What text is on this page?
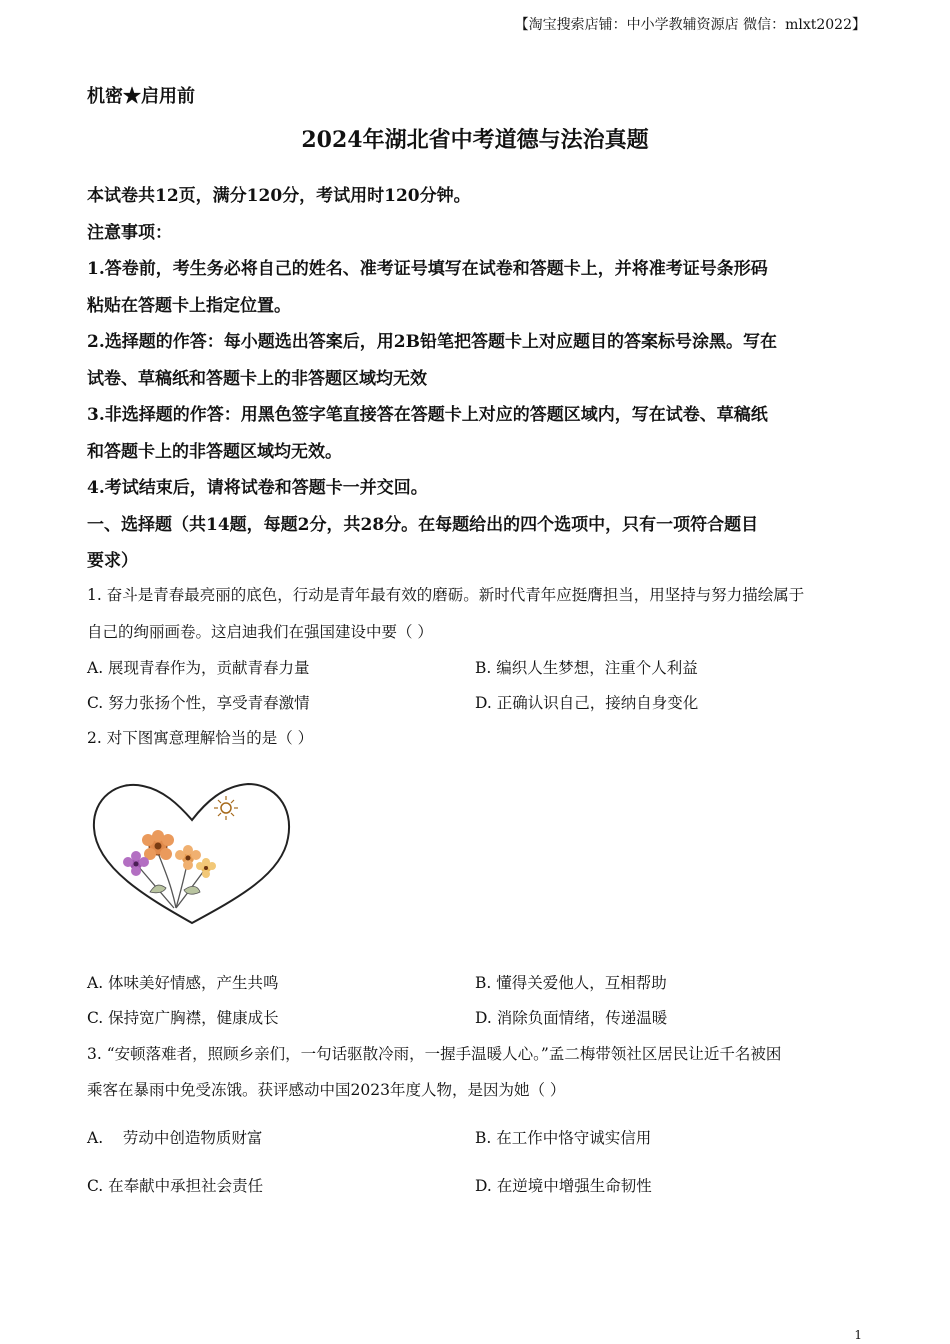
【淘宝搜索店铺：中小学教辅资源店 微信：mlxt2022】
机密★启用前
2024年湖北省中考道德与法治真题
本试卷共12页，满分120分，考试用时120分钟。
注意事项：
1.答卷前，考生务必将自己的姓名、准考证号填写在试卷和答题卡上，并将准考证号条形码
粘贴在答题卡上指定位置。
2.选择题的作答：每小题选出答案后，用2B铅笔把答题卡上对应题目的答案标号涂黑。写在
试卷、草稿纸和答题卡上的非答题区域均无效
3.非选择题的作答：用黑色签字笔直接答在答题卡上对应的答题区域内，写在试卷、草稿纸
和答题卡上的非答题区域均无效。
4.考试结束后，请将试卷和答题卡一并交回。
一、选择题（共14题，每题2分，共28分。在每题给出的四个选项中，只有一项符合题目
要求）
1. 奋斗是青春最亮丽的底色，行动是青年最有效的磨砺。新时代青年应挺膺担当，用坚持与努力描绘属于
自己的绚丽画卷。这启迪我们在强国建设中要（ ）
A. 展现青春作为，贡献青春力量	B. 编织人生梦想，注重个人利益
C. 努力张扬个性，享受青春激情	D. 正确认识自己，接纳自身变化
2. 对下图寓意理解恰当的是（ ）
A. 体味美好情感，产生共鸣	B. 懂得关爱他人，互相帮助
C. 保持宽广胸襟，健康成长	D. 消除负面情绪，传递温暖
3. “安顿落难者，照顾乡亲们，一句话驱散冷雨，一握手温暖人心。”孟二梅带领社区居民让近千名被困
乘客在暴雨中免受冻饿。获评感动中国2023年度人物，是因为她（ ）
A.    劳动中创造物质财富	B. 在工作中恪守诚实信用
C. 在奉献中承担社会责任	D. 在逆境中增强生命韧性
1
